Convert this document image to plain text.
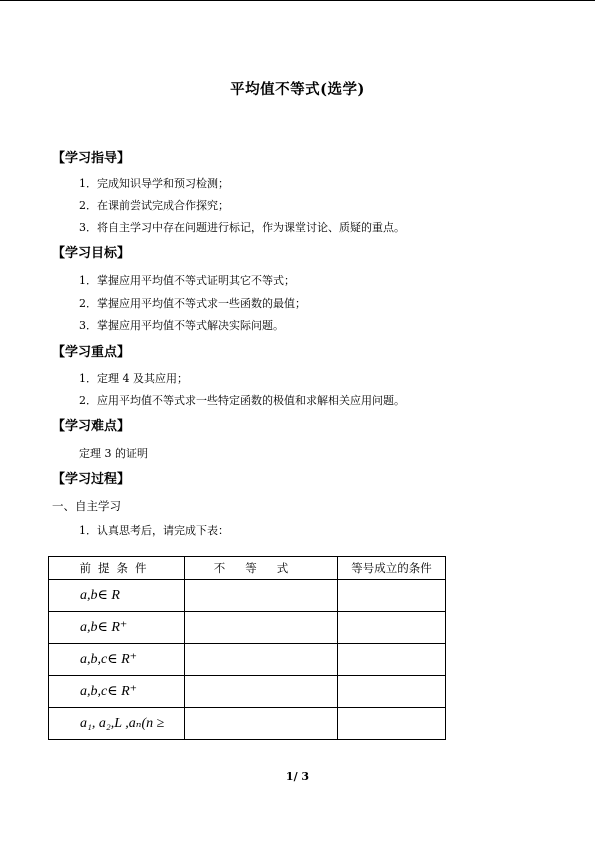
平均值不等式(选学)
【学习指导】
1．完成知识导学和预习检测；
2．在课前尝试完成合作探究；
3．将自主学习中存在问题进行标记，作为课堂讨论、质疑的重点。
【学习目标】
1．掌握应用平均值不等式证明其它不等式；
2．掌握应用平均值不等式求一些函数的最值；
3．掌握应用平均值不等式解决实际问题。
【学习重点】
1．定理 4 及其应用；
2．应用平均值不等式求一些特定函数的极值和求解相关应用问题。
【学习难点】
定理 3 的证明
【学习过程】
一、自主学习
1．认真思考后，请完成下表：
前提条件	不等式	等号成立的条件
a,b∈ R		
a,b∈ R⁺		
a,b,c∈ R⁺		
a,b,c∈ R⁺		
a₁, a₂,L ,aₙ(n ≥		
1/ 3
